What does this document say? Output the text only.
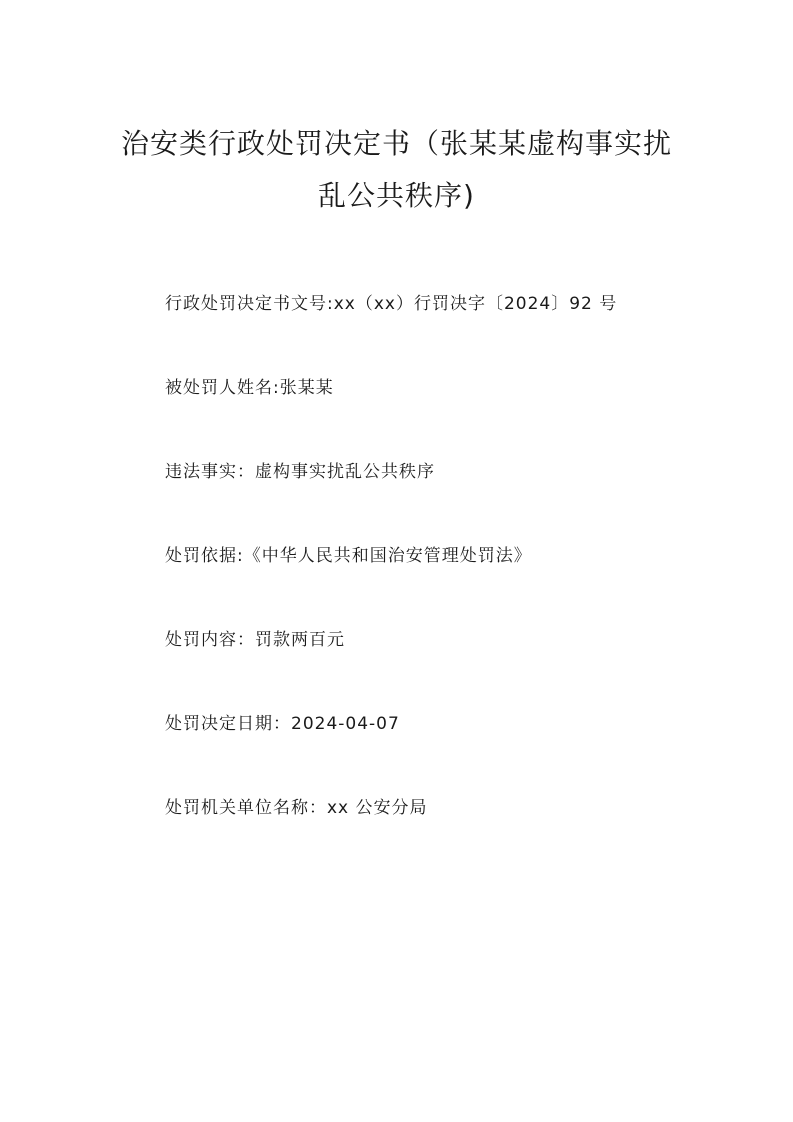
治安类行政处罚决定书（张某某虚构事实扰
乱公共秩序)
行政处罚决定书文号:xx（xx）行罚决字〔2024〕92 号
被处罚人姓名:张某某
违法事实：虚构事实扰乱公共秩序
处罚依据:《中华人民共和国治安管理处罚法》
处罚内容：罚款两百元
处罚决定日期：2024-04-07
处罚机关单位名称：xx 公安分局
